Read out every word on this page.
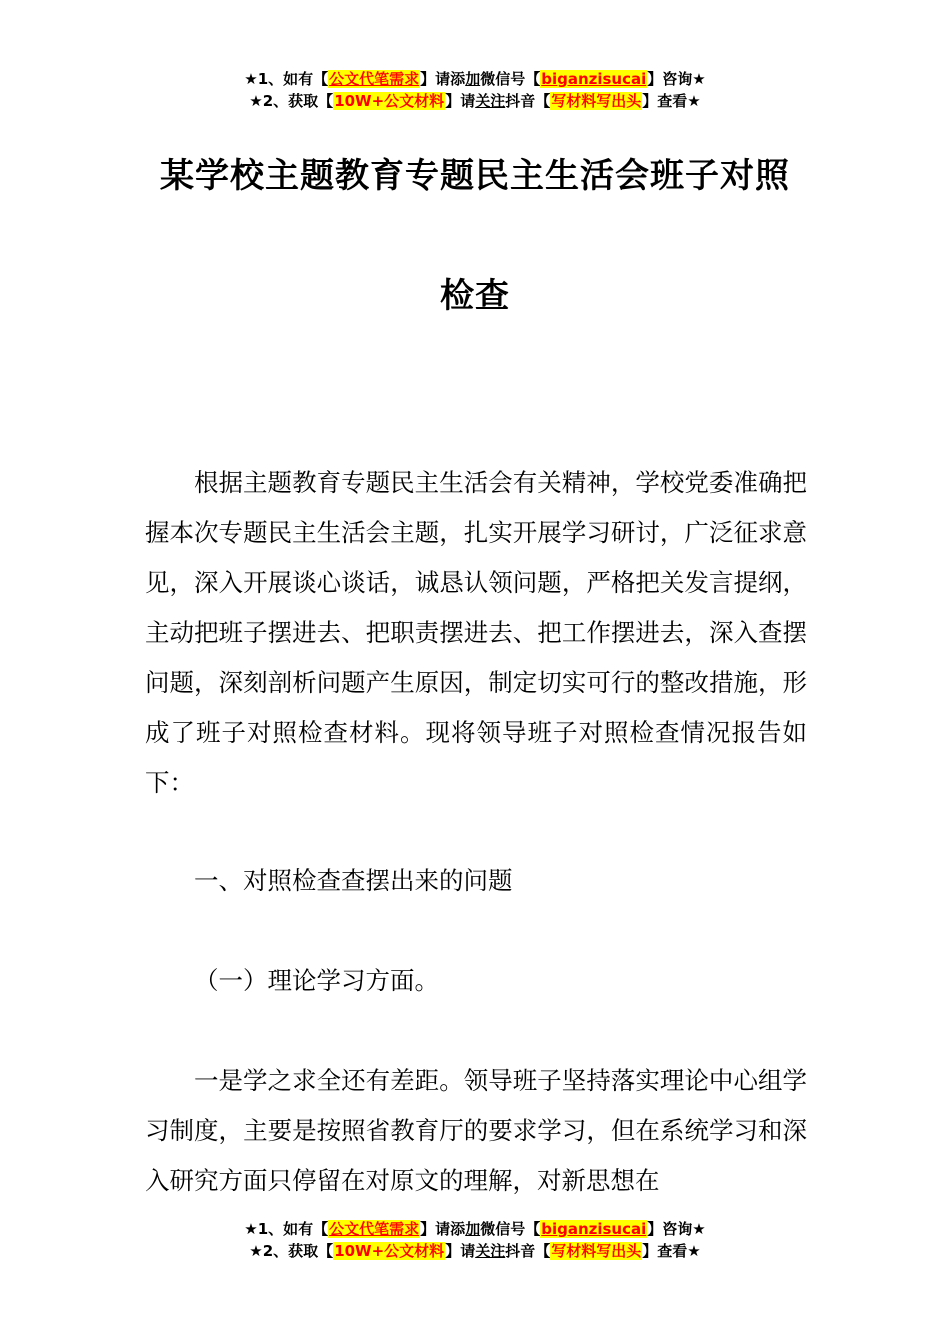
★1、如有【公文代笔需求】请添加微信号【biganzisucai】咨询★
★2、获取【10W+公文材料】请关注抖音【写材料写出头】查看★
某学校主题教育专题民主生活会班子对照
检查
根据主题教育专题民主生活会有关精神，学校党委准确把握本次专题民主生活会主题，扎实开展学习研讨，广泛征求意见，深入开展谈心谈话，诚恳认领问题，严格把关发言提纲，主动把班子摆进去、把职责摆进去、把工作摆进去，深入查摆问题，深刻剖析问题产生原因，制定切实可行的整改措施，形成了班子对照检查材料。现将领导班子对照检查情况报告如下：
一、对照检查查摆出来的问题
（一）理论学习方面。
一是学之求全还有差距。领导班子坚持落实理论中心组学习制度，主要是按照省教育厅的要求学习，但在系统学习和深入研究方面只停留在对原文的理解，对新思想在
★1、如有【公文代笔需求】请添加微信号【biganzisucai】咨询★
★2、获取【10W+公文材料】请关注抖音【写材料写出头】查看★
